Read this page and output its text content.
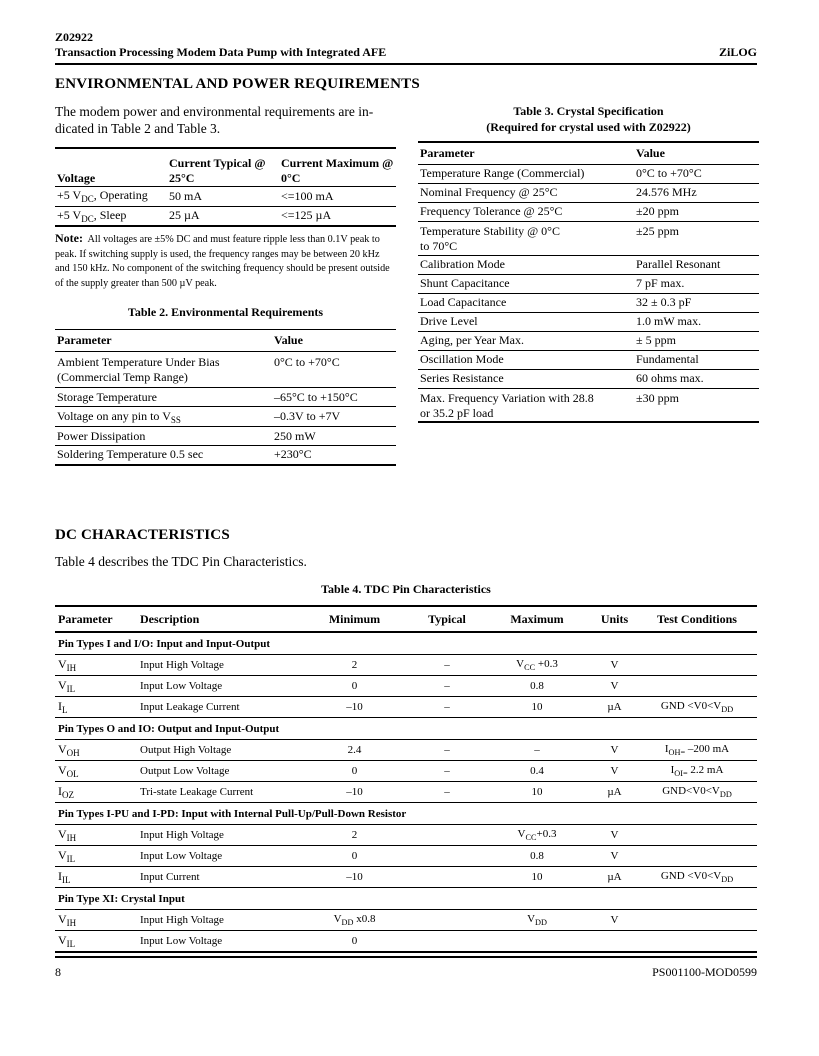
Z02922
Transaction Processing Modem Data Pump with Integrated AFE	ZiLOG
ENVIRONMENTAL AND POWER REQUIREMENTS
The modem power and environmental requirements are in-dicated in Table 2 and Table 3.
Voltage	Current Typical @ 25°C	Current Maximum @ 0°C
+5 $V_{DC}$, Operating	50 mA	<=100 mA
+5 $V_{DC}$, Sleep	25 µA	<=125 µA
Note: All voltages are ±5% DC and must feature ripple less than 0.1V peak to peak. If switching supply is used, the frequency ranges may be between 20 kHz and 150 kHz. No component of the switching frequency should be present outside of the supply greater than 500 µV peak.
Table 2. Environmental Requirements
Parameter	Value
Ambient Temperature Under Bias (Commercial Temp Range)	0°C to +70°C
Storage Temperature	–65°C to +150°C
Voltage on any pin to $V_{SS}$	–0.3V to +7V
Power Dissipation	250 mW
Soldering Temperature 0.5 sec	+230°C
Table 3. Crystal Specification
(Required for crystal used with Z02922)
Parameter	Value
Temperature Range (Commercial)	0°C to +70°C
Nominal Frequency @ 25°C	24.576 MHz
Frequency Tolerance @ 25°C	±20 ppm

Temperature Stability @ 0°C to 70°C	±25 ppm
Calibration Mode	Parallel Resonant
Shunt Capacitance	7 pF max.
Load Capacitance	32 ± 0.3 pF
Drive Level	1.0 mW max.
Aging, per Year Max.	± 5 ppm
Oscillation Mode	Fundamental
Series Resistance	60 ohms max.

Max. Frequency Variation with 28.8 or 35.2 pF load	±30 ppm
DC CHARACTERISTICS
Table 4 describes the TDC Pin Characteristics.
Table 4. TDC Pin Characteristics
Parameter	Description	Minimum	Typical	Maximum	Units	Test Conditions
Pin Types I and I/O: Input and Input-Output						
$V_{IH}$	Input High Voltage	2	–	$V_{CC} +0.3$	V	
$V_{IL}$	Input Low Voltage	0	–	0.8	V	
$I_L$	Input Leakage Current	–10	–	10	µA	GND $<V0<V_{DD}$
Pin Types O and IO: Output and Input-Output						
$V_{OH}$	Output High Voltage	2.4	–	–	V	$I_{OH=}$ –200 mA
$V_{OL}$	Output Low Voltage	0	–	0.4	V	$I_{OI=}$ 2.2 mA
$I_{OZ}$	Tri-state Leakage Current	–10	–	10	µA	$GND<V0<V_{DD}$
Pin Types I-PU and I-PD: Input with Internal Pull-Up/Pull-Down Resistor						
$V_{IH}$	Input High Voltage	2		$V_{CC}+0.3$	V	
$V_{IL}$	Input Low Voltage	0		0.8	V	
$I_{IL}$	Input Current	–10		10	µA	GND $<V0<V_{DD}$
Pin Type XI: Crystal Input						
$V_{IH}$	Input High Voltage	$V_{DD}$ x0.8		$V_{DD}$	V	
$V_{IL}$	Input Low Voltage	0				
8	PS001100-MOD0599
